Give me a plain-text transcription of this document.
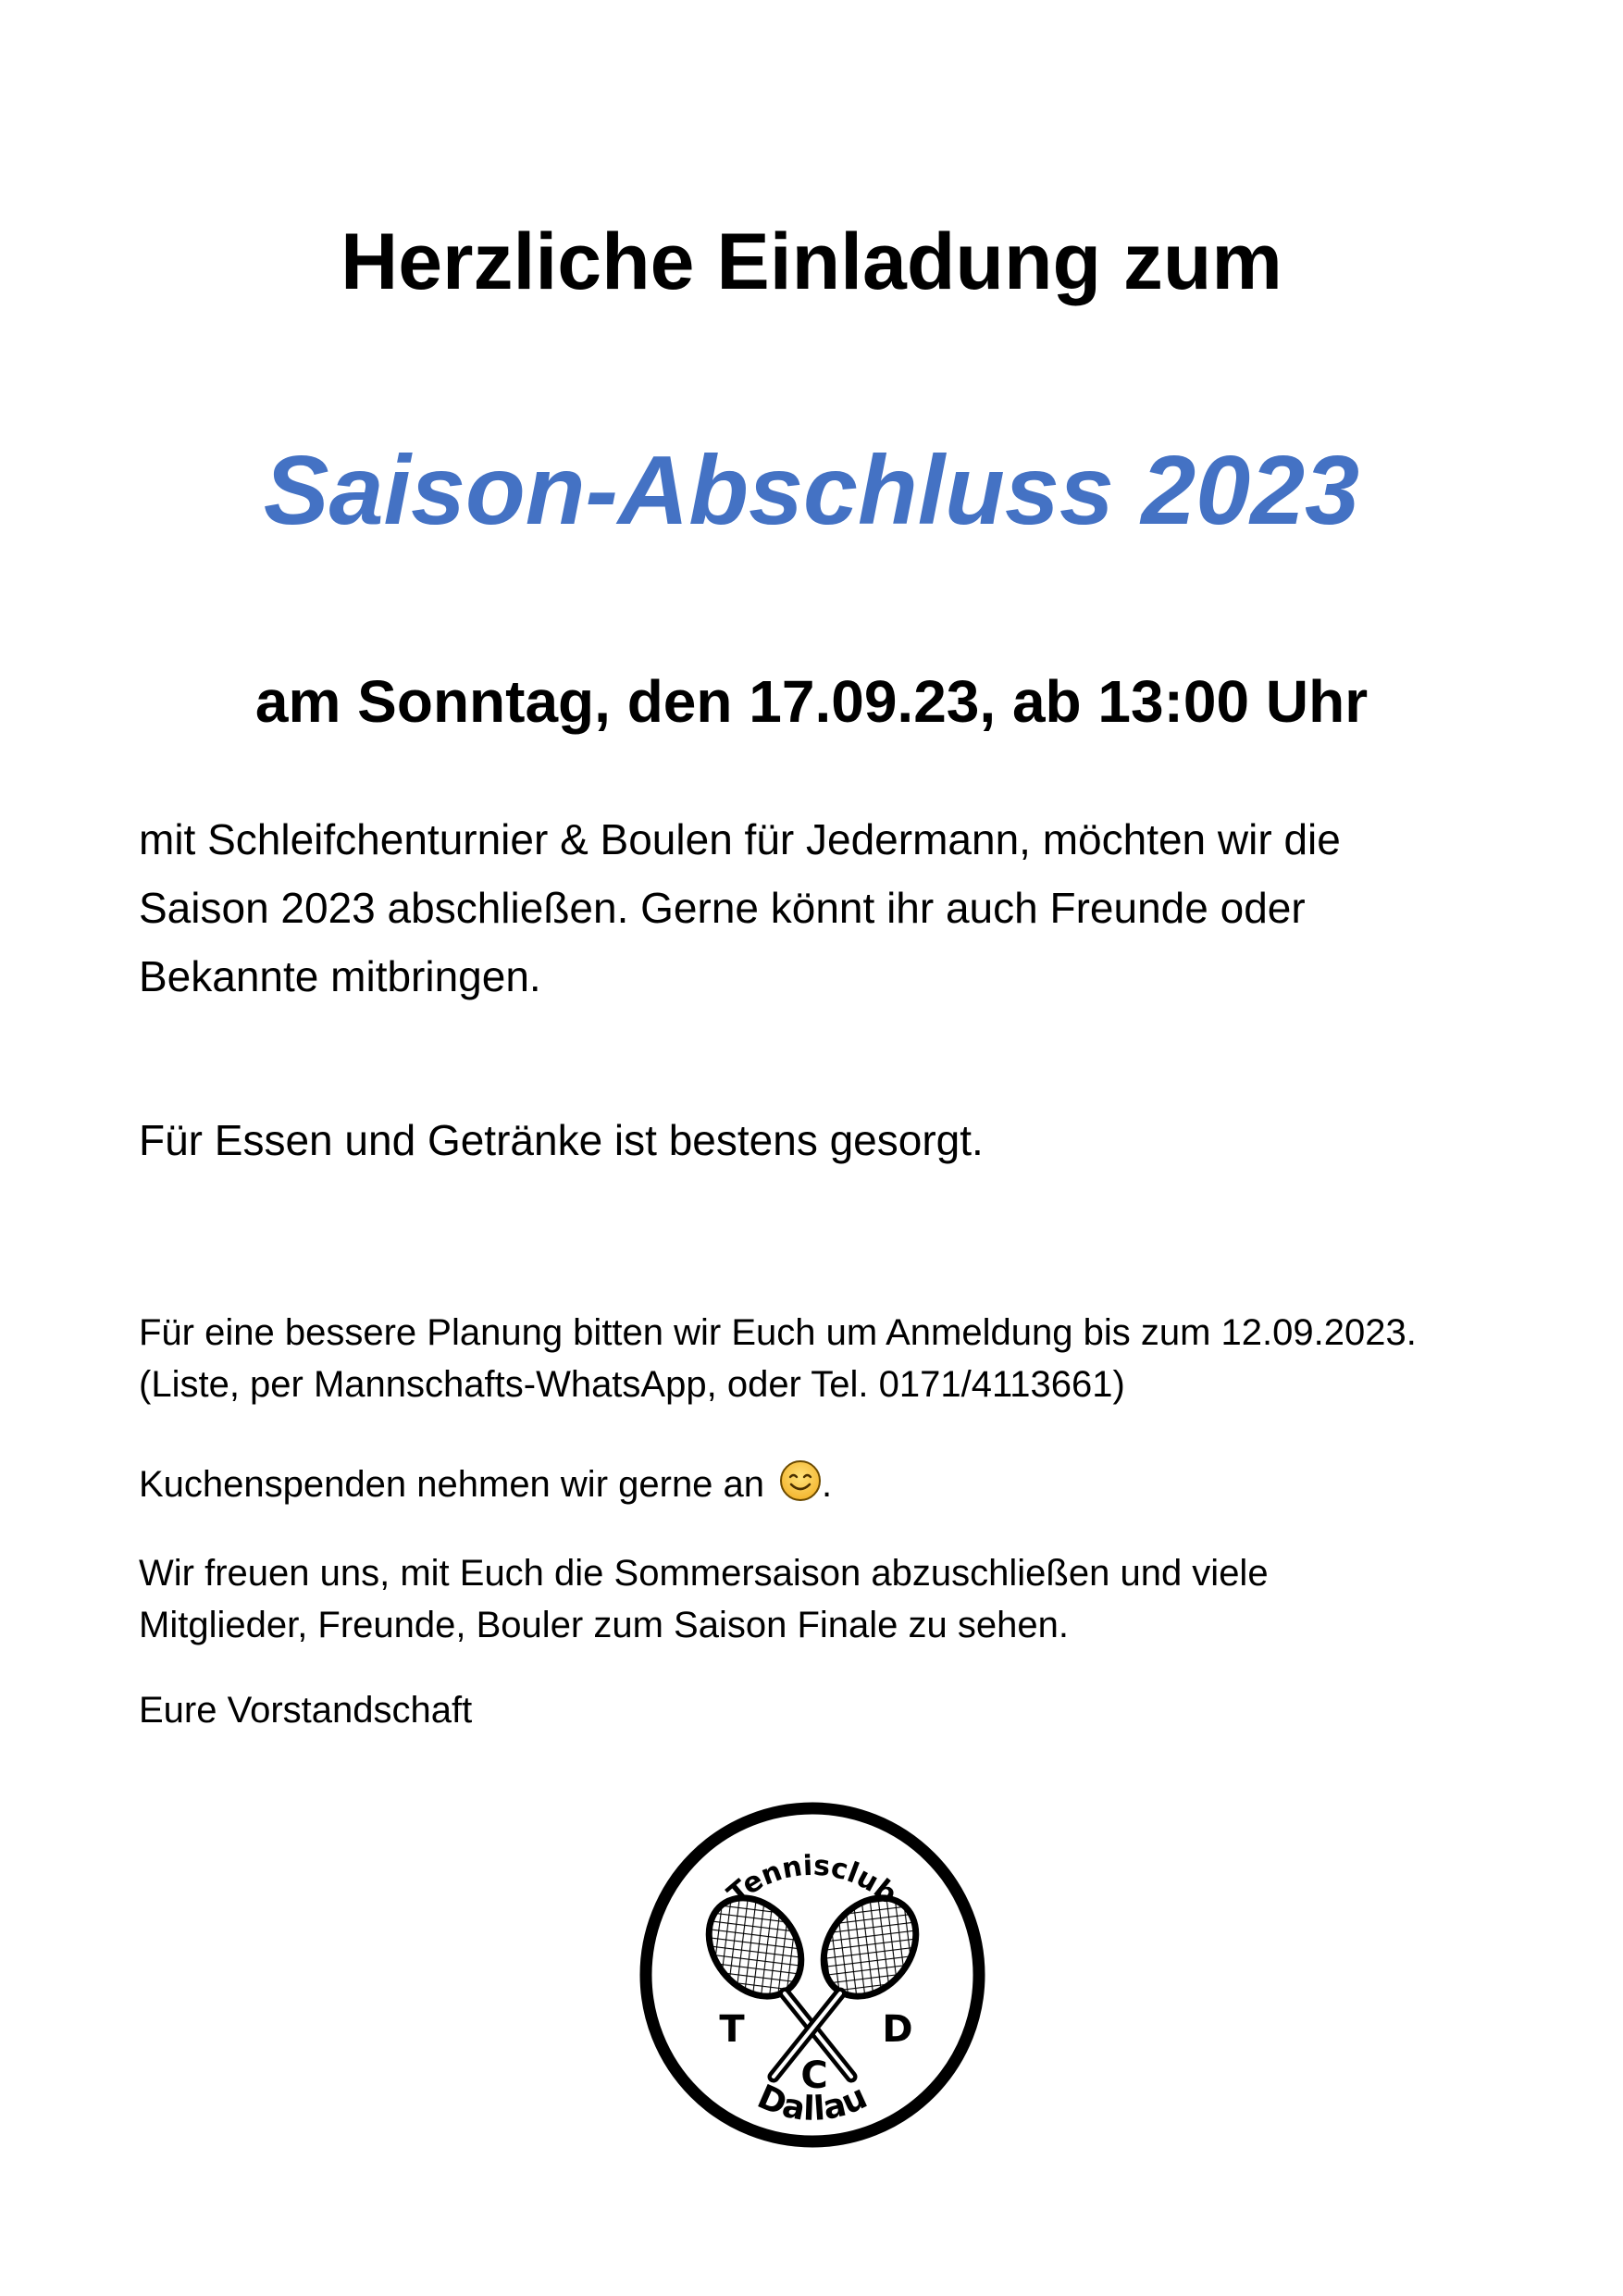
Herzliche Einladung zum
Saison-Abschluss 2023
am Sonntag, den 17.09.23, ab 13:00 Uhr

mit Schleifchenturnier & Boulen für Jedermann, möchten wir die

Saison 2023 abschließen. Gerne könnt ihr auch Freunde oder

Bekannte mitbringen.

Für Essen und Getränke ist bestens gesorgt.

Für eine bessere Planung bitten wir Euch um Anmeldung bis zum 12.09.2023.

(Liste, per Mannschafts-WhatsApp, oder Tel. 0171/4113661)

Kuchenspenden nehmen wir gerne an .

Wir freuen uns, mit Euch die Sommersaison abzuschließen und viele

Mitglieder, Freunde, Bouler zum Saison Finale zu sehen.

Eure Vorstandschaft

Tennisclub
T	D
C
Dallau
